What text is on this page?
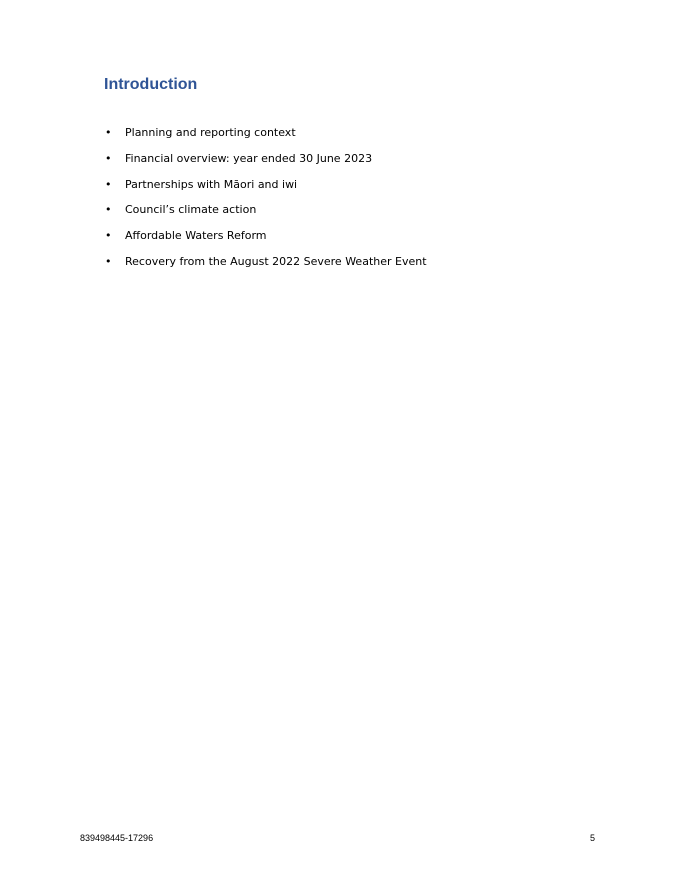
Introduction
• Planning and reporting context
• Financial overview: year ended 30 June 2023
• Partnerships with Māori and iwi
• Council’s climate action
• Affordable Waters Reform
• Recovery from the August 2022 Severe Weather Event
839498445-17296	5
